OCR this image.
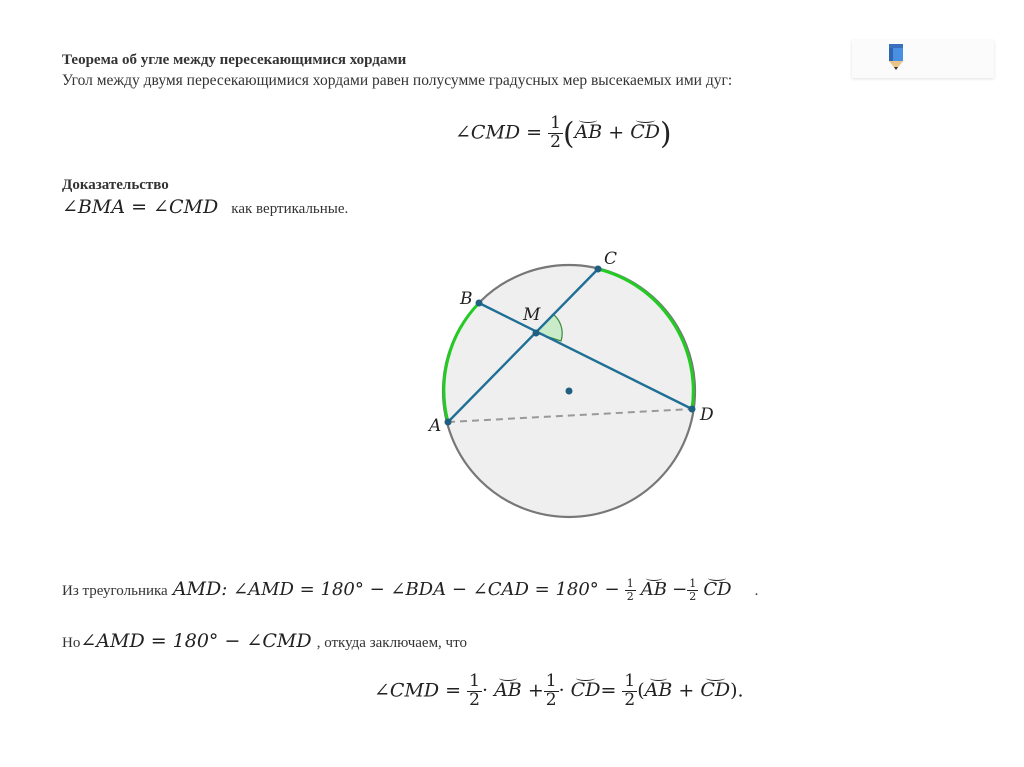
Теорема об угле между пересекающимися хордами
Угол между двумя пересекающимися хордами равен полусумме градусных мер высекаемых ими дуг:
∠CMD = $\frac{1}{2} (AB + CD)$
Доказательство
∠BMA = ∠CMD как вертикальные.
A
B
C
D
M
Из треугольника AMD: ∠AMD = 180° − ∠BDA − ∠CAD = $180^\circ - \frac{1}{2}$ AB − $\frac{1}{2}$ CD .
Но∠AMD = 180° − ∠CMD , откуда заключаем, что
∠CMD = $\frac{1}{2}$ · AB + $\frac{1}{2} \cdot CD= \frac{1}{2} (AB + CD)$.
